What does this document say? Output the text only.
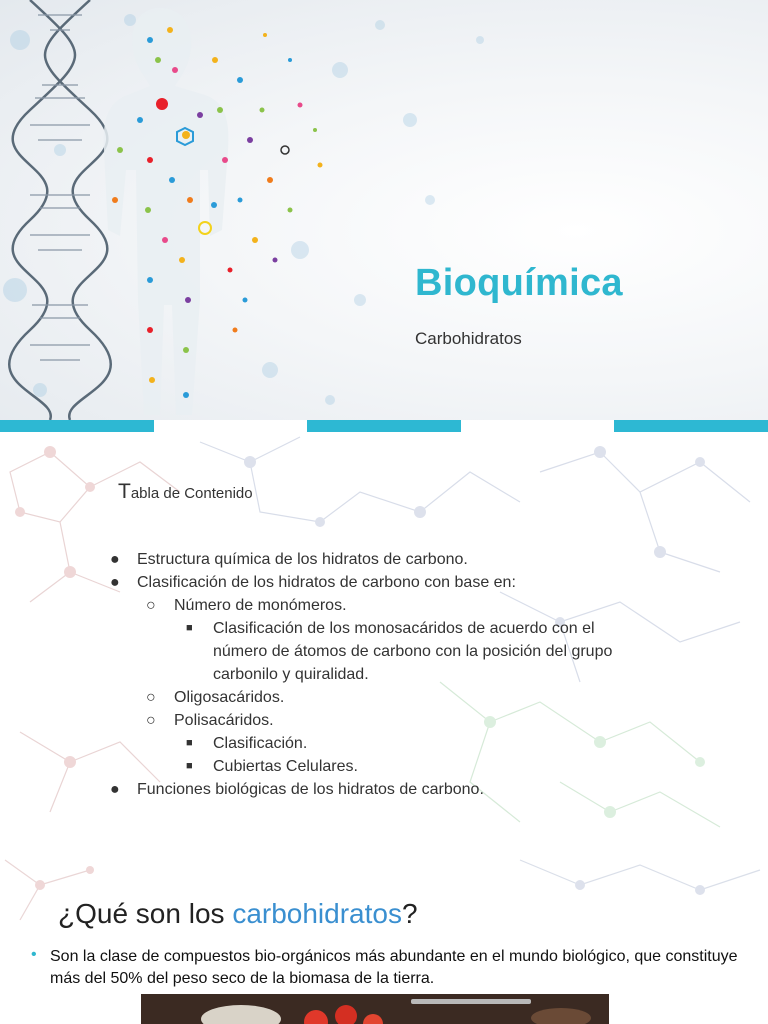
Bioquímica
Carbohidratos
Tabla de Contenido
● Estructura química de los hidratos de carbono.
● Clasificación de los hidratos de carbono con base en:
○ Número de monómeros.
■ Clasificación de los monosacáridos de acuerdo con el
número de átomos de carbono con la posición del grupo
carbonilo y quiralidad.
○ Oligosacáridos.
○ Polisacáridos.
■ Clasificación.
■ Cubiertas Celulares.
● Funciones biológicas de los hidratos de carbono.
¿Qué son los carbohidratos?
• Son la clase de compuestos bio-orgánicos más abundante en el mundo biológico, que constituye más del 50% del peso seco de la biomasa de la tierra.
